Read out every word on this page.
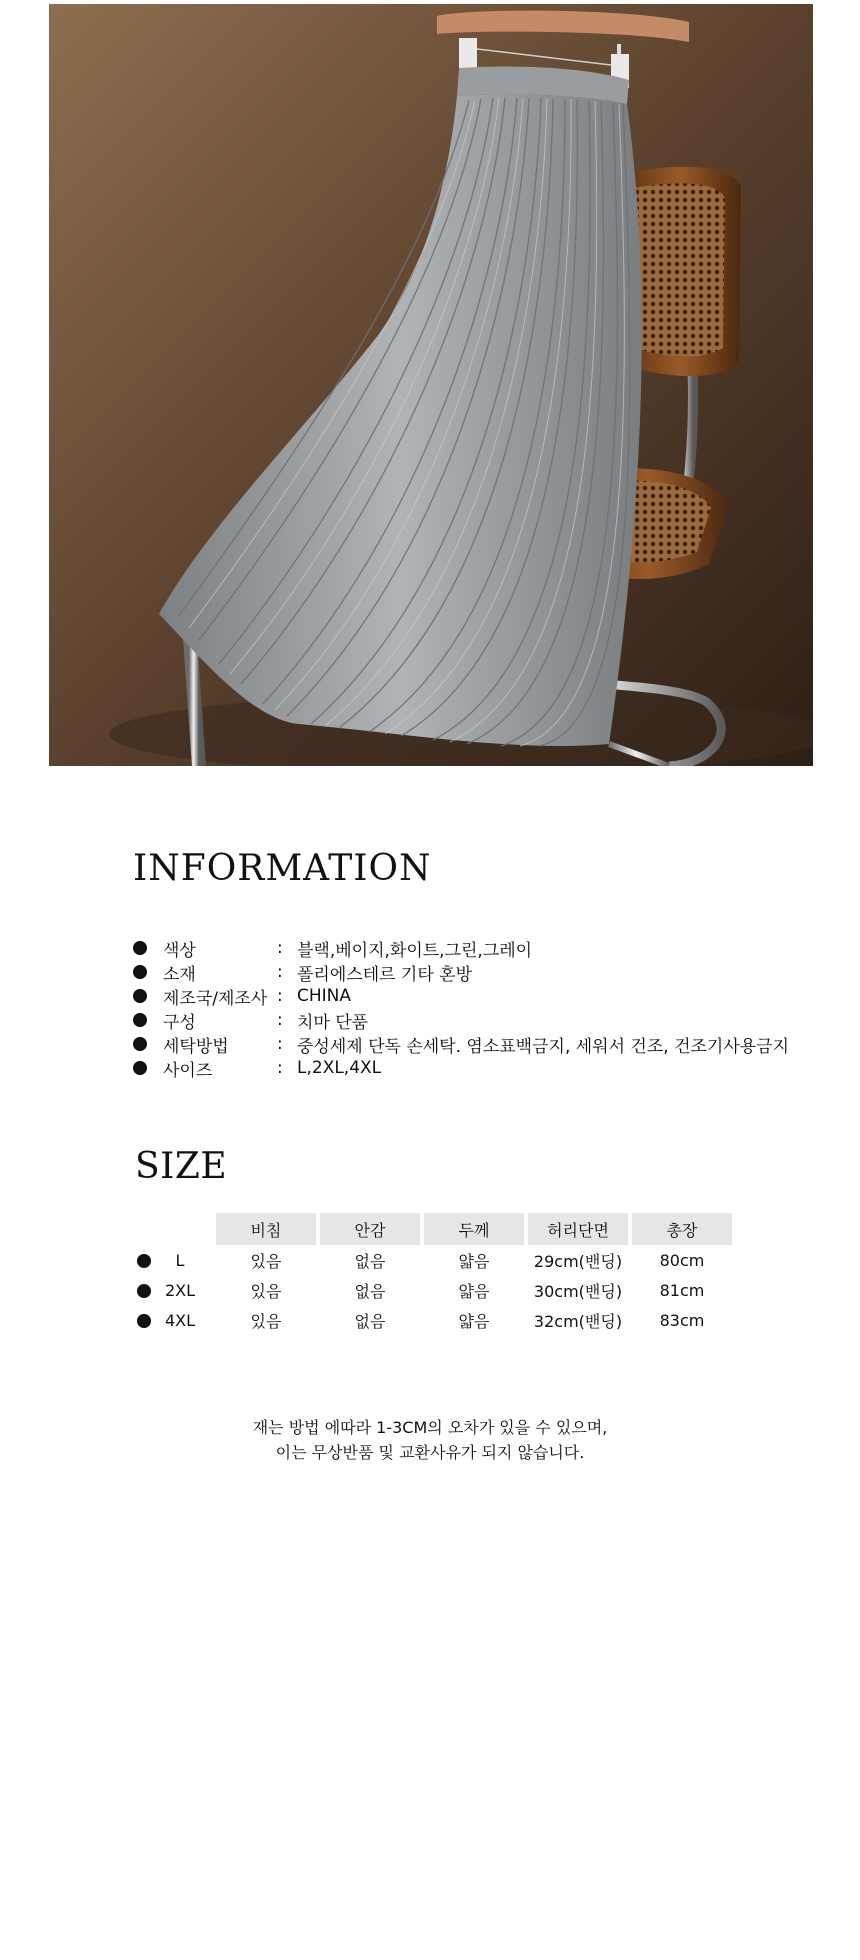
INFORMATION
색상	: 블랙,베이지,화이트,그린,그레이
소재	: 폴리에스테르 기타 혼방
제조국/제조사 : CHINA
구성	: 치마 단품
세탁방법	: 중성세제 단독 손세탁. 염소표백금지, 세워서 건조, 건조기사용금지
사이즈	: L,2XL,4XL
SIZE
	비침	안감	두께	허리단면	총장
L	있음	없음	얇음	29cm(밴딩)	80cm
2XL	있음	없음	얇음	30cm(밴딩)	81cm
4XL	있음	없음	얇음	32cm(밴딩)	83cm
재는 방법 에따라 1-3CM의 오차가 있을 수 있으며,
이는 무상반품 및 교환사유가 되지 않습니다.
